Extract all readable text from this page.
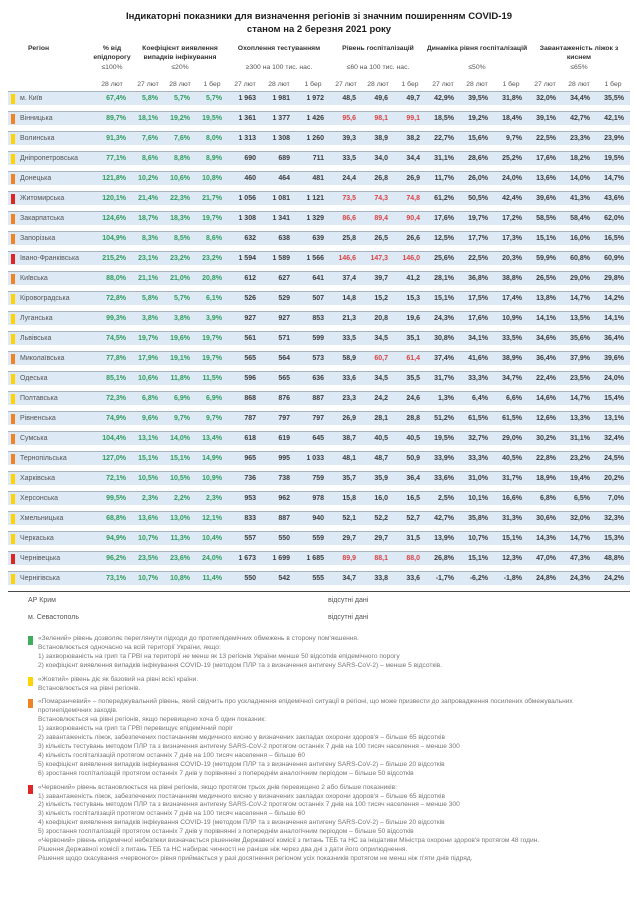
Індикаторні показники для визначення регіонів зі значним поширенням COVID-19
станом на 2 березня 2021 року
Регіон	% від епідпорогу
≤100%
28 лют
Коефіцієнт виявлення випадків інфікування
≤20%
27 лют	28 лют	1 бер
Охоплення тестуванням
≥300 на 100 тис. нас.
27 лют	28 лют	1 бер
Рівень госпіталізацій
≤60 на 100 тис. нас.
27 лют	28 лют	1 бер
Динаміка рівня госпіталізацій
≤50%
27 лют	28 лют	1 бер
Завантаженість ліжок з киснем
≤65%
27 лют	28 лют	1 бер
м. Київ	67,4%	5,8%	5,7%	5,7%	1 963	1 981	1 972	48,5	49,6	49,7	42,9%	39,5%	31,8%	32,0%	34,4%	35,5%
Вінницька	89,7%	18,1%	19,2%	19,5%	1 361	1 377	1 426	95,6	98,1	99,1	18,5%	19,2%	18,4%	39,1%	42,7%	42,1%
Волинська	91,3%	7,6%	7,6%	8,0%	1 313	1 308	1 260	39,3	38,9	38,2	22,7%	15,6%	9,7%	22,5%	23,3%	23,9%
Дніпропетровська	77,1%	8,6%	8,8%	8,9%	690	689	711	33,5	34,0	34,4	31,1%	28,6%	25,2%	17,6%	18,2%	19,5%
Донецька	121,8%	10,2%	10,6%	10,8%	460	464	481	24,4	26,8	26,9	11,7%	26,0%	24,0%	13,6%	14,0%	14,7%
Житомирська	120,1%	21,4%	22,3%	21,7%	1 056	1 081	1 121	73,5	74,3	74,8	61,2%	50,5%	42,4%	39,6%	41,3%	43,6%
Закарпатська	124,6%	18,7%	18,3%	19,7%	1 308	1 341	1 329	86,6	89,4	90,4	17,6%	19,7%	17,2%	58,5%	58,4%	62,0%
Запорізька	104,9%	8,3%	8,5%	8,6%	632	638	639	25,8	26,5	26,6	12,5%	17,7%	17,3%	15,1%	16,0%	16,5%
Івано-Франківська	215,2%	23,1%	23,2%	23,2%	1 594	1 589	1 566	146,6	147,3	146,0	25,6%	22,5%	20,3%	59,9%	60,8%	60,9%
Київська	88,0%	21,1%	21,0%	20,8%	612	627	641	37,4	39,7	41,2	28,1%	36,8%	38,8%	26,5%	29,0%	29,8%
Кіровоградська	72,8%	5,8%	5,7%	6,1%	526	529	507	14,8	15,2	15,3	15,1%	17,5%	17,4%	13,8%	14,7%	14,2%
Луганська	99,3%	3,8%	3,8%	3,9%	927	927	853	21,3	20,8	19,6	24,3%	17,6%	10,9%	14,1%	13,5%	14,1%
Львівська	74,5%	19,7%	19,6%	19,7%	561	571	599	33,5	34,5	35,1	30,8%	34,1%	33,5%	34,6%	35,6%	36,4%
Миколаївська	77,8%	17,9%	19,1%	19,7%	565	564	573	58,9	60,7	61,4	37,4%	41,6%	38,9%	36,4%	37,9%	39,6%
Одеська	85,1%	10,6%	11,8%	11,5%	596	565	636	33,6	34,5	35,5	31,7%	33,3%	34,7%	22,4%	23,5%	24,0%
Полтавська	72,3%	6,8%	6,9%	6,9%	868	876	887	23,3	24,2	24,6	1,3%	6,4%	6,6%	14,6%	14,7%	15,4%
Рівненська	74,9%	9,6%	9,7%	9,7%	787	797	797	26,9	28,1	28,8	51,2%	61,5%	61,5%	12,6%	13,3%	13,1%
Сумська	104,4%	13,1%	14,0%	13,4%	618	619	645	38,7	40,5	40,5	19,5%	32,7%	29,0%	30,2%	31,1%	32,4%
Тернопільська	127,0%	15,1%	15,1%	14,9%	965	995	1 033	48,1	48,7	50,9	33,9%	33,3%	40,5%	22,8%	23,2%	24,5%
Харківська	72,1%	10,5%	10,5%	10,9%	736	738	759	35,7	35,9	36,4	33,6%	31,0%	31,7%	18,9%	19,4%	20,2%
Херсонська	99,5%	2,3%	2,2%	2,3%	953	962	978	15,8	16,0	16,5	2,5%	10,1%	16,6%	6,8%	6,5%	7,0%
Хмельницька	68,8%	13,6%	13,0%	12,1%	833	887	940	52,1	52,2	52,7	42,7%	35,8%	31,3%	30,6%	32,0%	32,3%
Черкаська	94,9%	10,7%	11,3%	10,4%	557	550	559	29,7	29,7	31,5	13,9%	10,7%	15,1%	14,3%	14,7%	15,3%
Чернівецька	96,2%	23,5%	23,6%	24,0%	1 673	1 699	1 685	89,9	88,1	88,0	26,8%	15,1%	12,3%	47,0%	47,3%	48,8%
Чернігівська	73,1%	10,7%	10,8%	11,4%	550	542	555	34,7	33,8	33,6	-1,7%	-6,2%	-1,8%	24,8%	24,3%	24,2%
АР Крим	відсутні дані
м. Севастополь	відсутні дані
«Зелений» рівень дозволяє переглянути підходи до протиепідемічних обмежень в сторону пом'якшення.
Встановлюється одночасно на всій території України, якщо:
1) захворюваність на грип та ГРВІ на території не менш як 13 регіонів України менше 50 відсотків епідемічного порогу
2) коефіцієнт виявлення випадків інфікування COVID-19 (методом ПЛР та з визначення антигену SARS-CoV-2) – менше 5 відсотків.
«Жовтий» рівень діє як базовий на рівні всієї країни.
Встановлюється на рівні регіонів.
«Помаранчевий» – попереджувальний рівень, який свідчить про ускладнення епідемічної ситуації в регіоні, що може призвести до запровадження посилених обмежувальних протиепідемічних заходів.
Встановлюється на рівні регіонів, якщо перевищено хоча б один показник:
1) захворюваність на грип та ГРВІ перевищує епідемічний поріг
2) завантаженість ліжок, забезпечених постачанням медичного кисню у визначених закладах охорони здоров'я – більше 65 відсотків
3) кількість тестувань методом ПЛР та з визначення антигену SARS-CoV-2 протягом останніх 7 днів на 100 тисяч населення – менше 300
4) кількість госпіталізацій протягом останніх 7 днів на 100 тисяч населення – більше 60
5) коефіцієнт виявлення випадків інфікування COVID-19 (методом ПЛР та з визначення антигену SARS-CoV-2) – більше 20 відсотків
6) зростання госпіталізацій протягом останніх 7 днів у порівнянні з попереднім аналогічним періодом – більше 50 відсотків
«Червоний» рівень встановлюється на рівні регіонів, якщо протягом трьох днів перевищено 2 або більше показників:
1) завантаженість ліжок, забезпечених постачанням медичного кисню у визначених закладах охорони здоров'я – більше 65 відсотків
2) кількість тестувань методом ПЛР та з визначення антигену SARS-CoV-2 протягом останніх 7 днів на 100 тисяч населення – менше 300
3) кількість госпіталізацій протягом останніх 7 днів на 100 тисяч населення – більше 60
4) коефіцієнт виявлення випадків інфікування COVID-19 (методом ПЛР та з визначення антигену SARS-CoV-2) – більше 20 відсотків
5) зростання госпіталізацій протягом останніх 7 днів у порівнянні з попереднім аналогічним періодом – більше 50 відсотків
«Червоний» рівень епідемічної небезпеки визначається рішенням Державної комісії з питань ТЕБ та НС за ініціативи Міністра охорони здоров'я протягом 48 годин.
Рішення Державної комісії з питань ТЕБ та НС набирає чинності не раніше ніж через два дні з дати його оприлюднення.
Рішення щодо скасування «червоного» рівня приймається у разі досягнення регіоном усіх показників протягом не менш ніж п'яти днів підряд.
